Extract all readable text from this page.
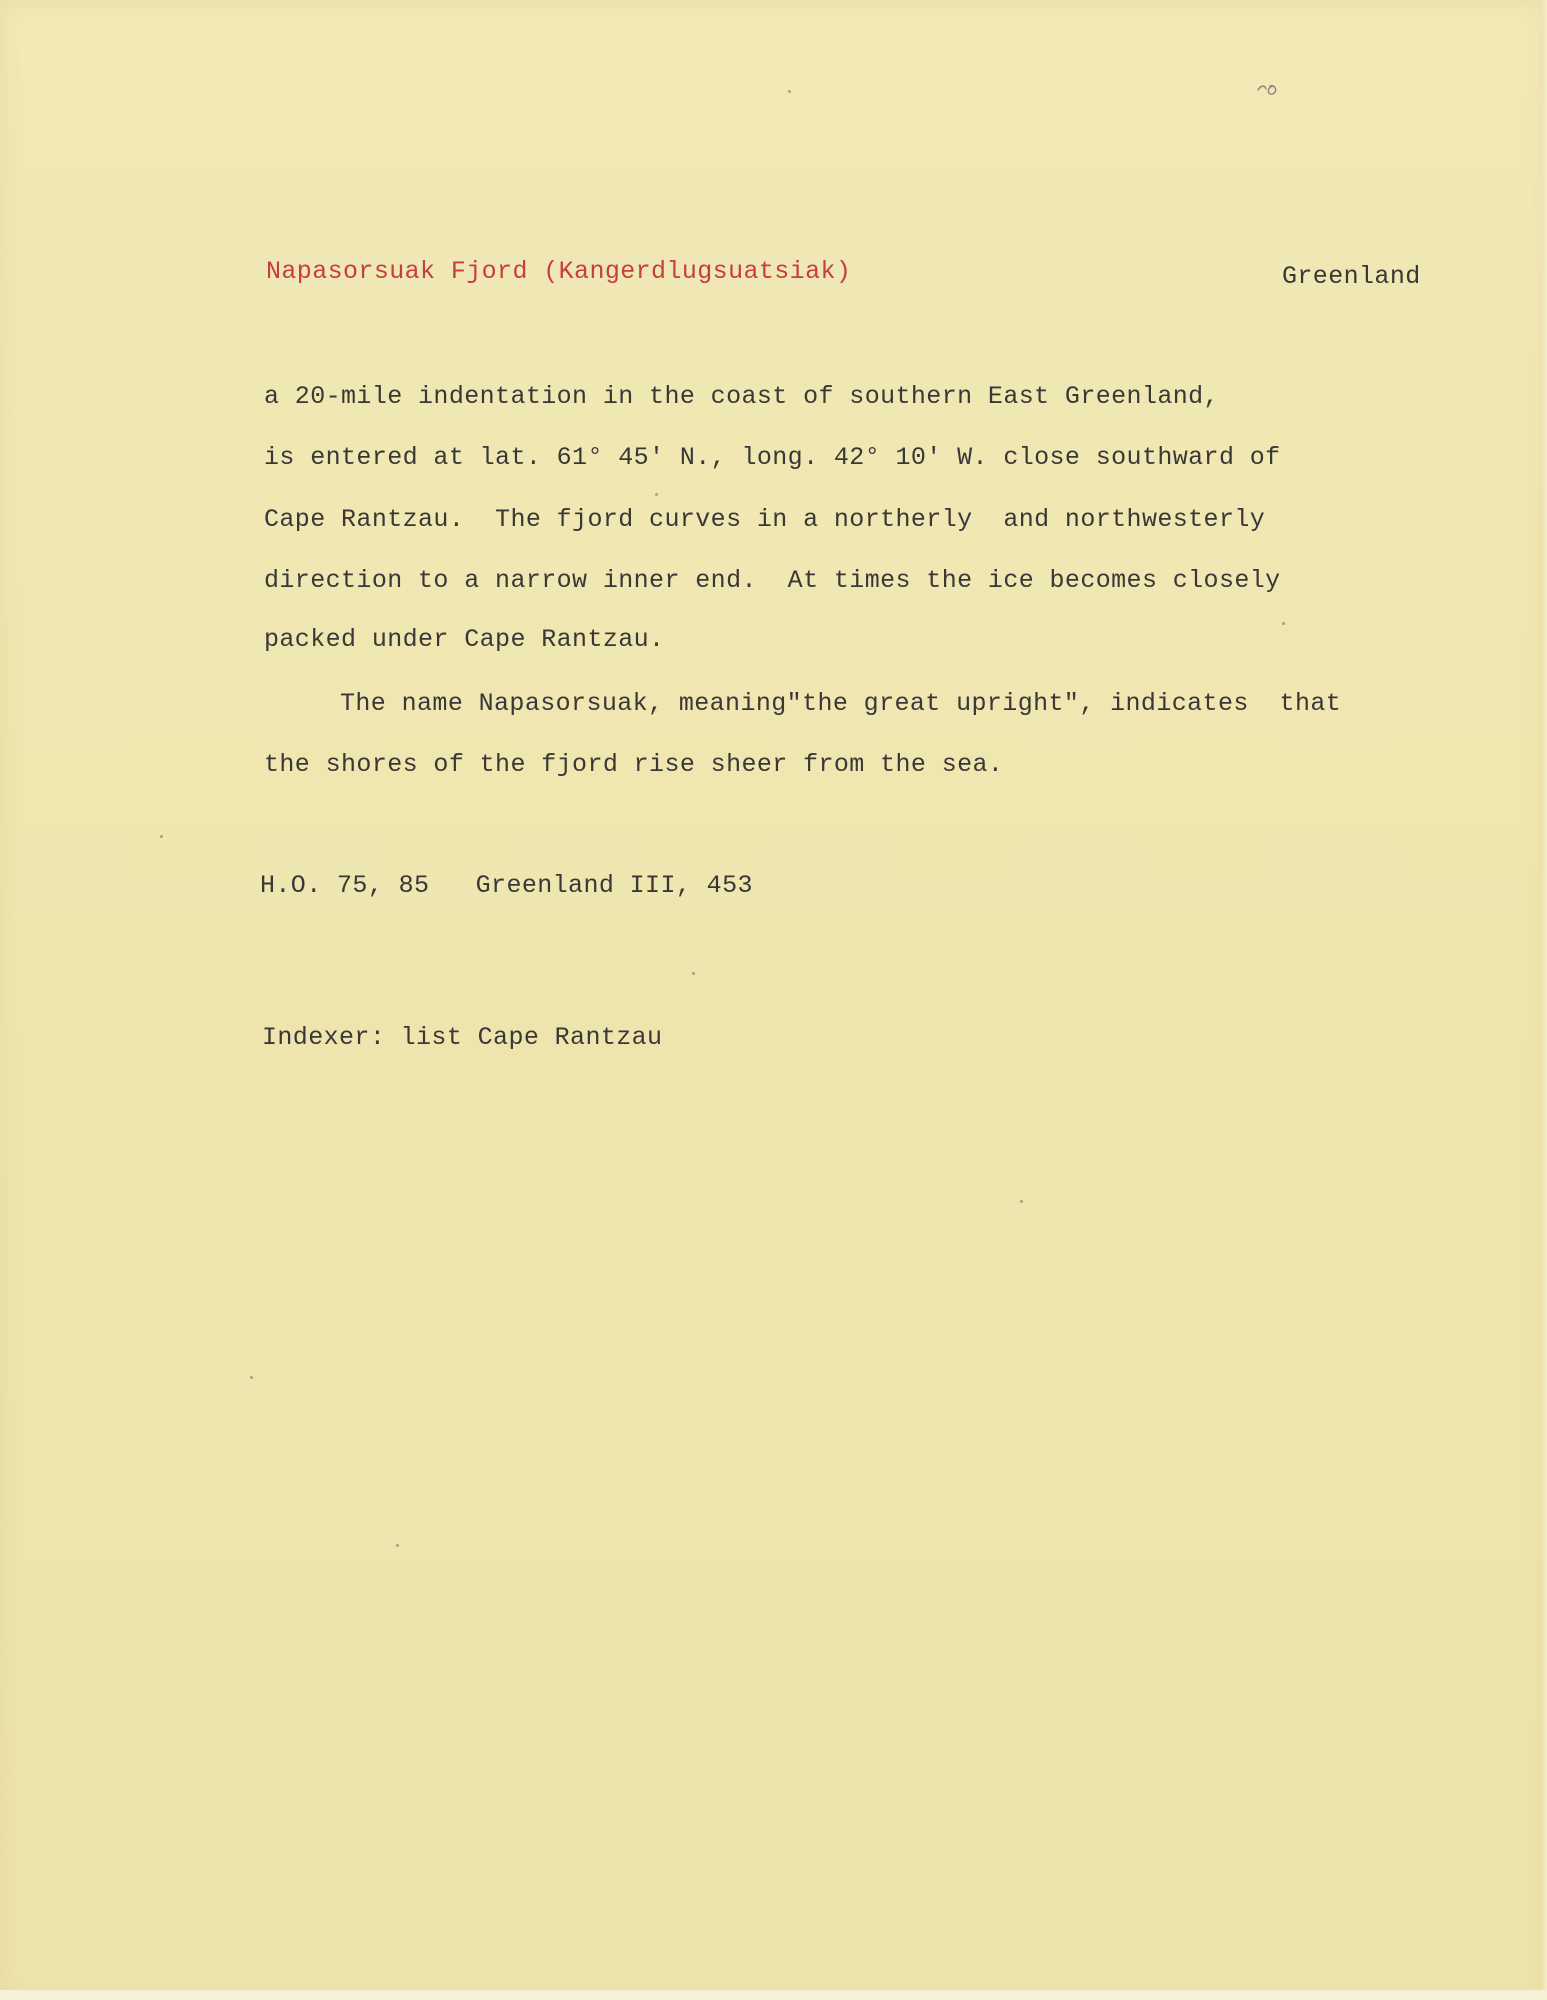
Napasorsuak Fjord (Kangerdlugsuatsiak)	Greenland
a 20-mile indentation in the coast of southern East Greenland,
is entered at lat. 61° 45' N., long. 42° 10' W. close southward of
Cape Rantzau.  The fjord curves in a northerly  and northwesterly
direction to a narrow inner end.  At times the ice becomes closely
packed under Cape Rantzau.
The name Napasorsuak, meaning"the great upright", indicates  that
the shores of the fjord rise sheer from the sea.
H.O. 75, 85   Greenland III, 453
Indexer: list Cape Rantzau
